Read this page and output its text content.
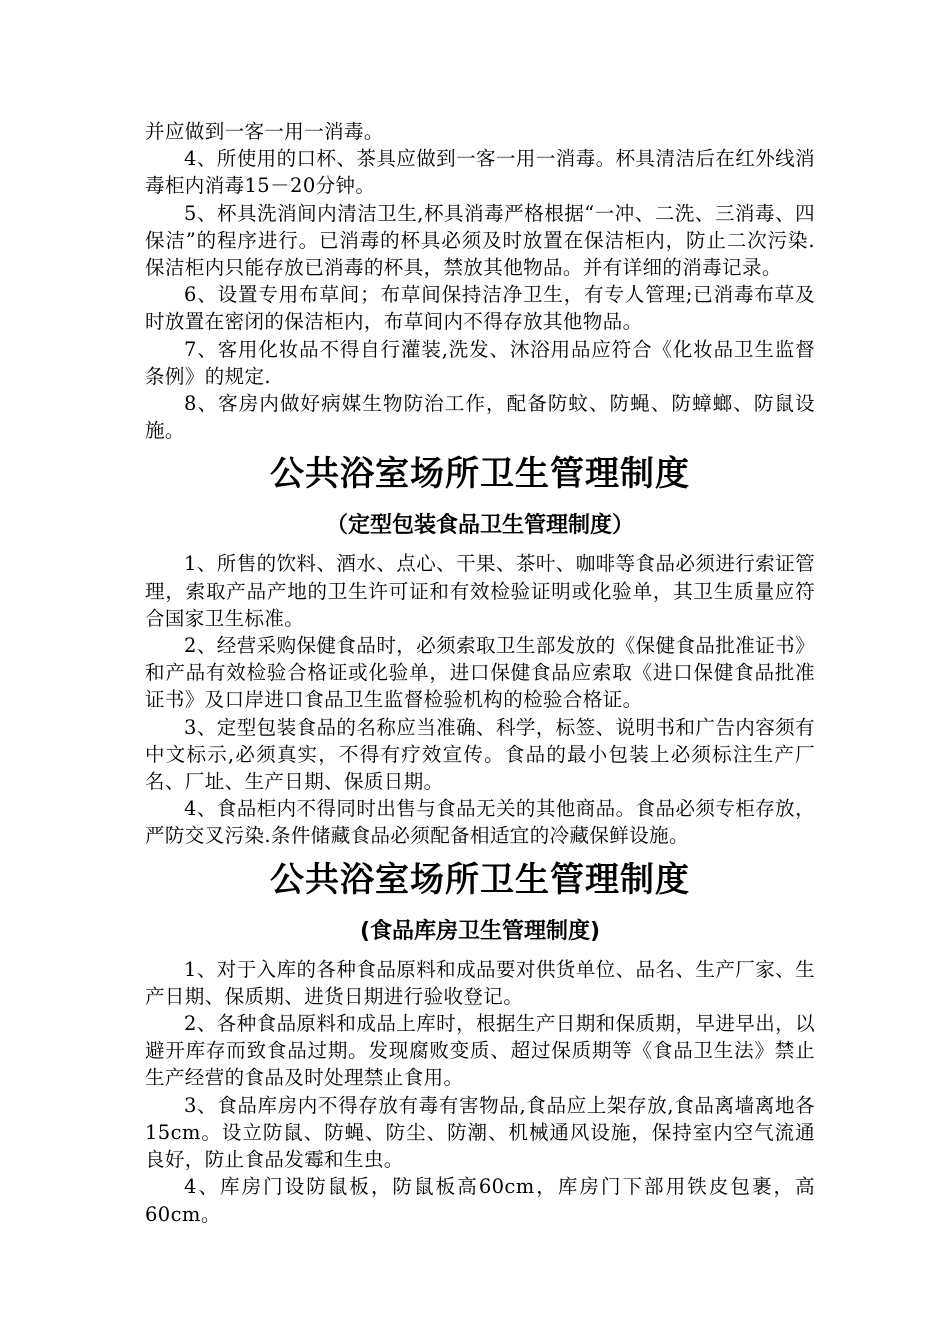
并应做到一客一用一消毒。

4、所使用的口杯、茶具应做到一客一用一消毒。杯具清洁后在红外线消毒柜内消毒15－20分钟。

5、杯具洗消间内清洁卫生,杯具消毒严格根据“一冲、二洗、三消毒、四保洁”的程序进行。已消毒的杯具必须及时放置在保洁柜内，防止二次污染.保洁柜内只能存放已消毒的杯具，禁放其他物品。并有详细的消毒记录。

6、设置专用布草间；布草间保持洁净卫生，有专人管理;已消毒布草及时放置在密闭的保洁柜内，布草间内不得存放其他物品。

7、客用化妆品不得自行灌装,洗发、沐浴用品应符合《化妆品卫生监督条例》的规定.

8、客房内做好病媒生物防治工作，配备防蚊、防蝇、防蟑螂、防鼠设施。

公共浴室场所卫生管理制度
（定型包装食品卫生管理制度）

1、所售的饮料、酒水、点心、干果、茶叶、咖啡等食品必须进行索证管理，索取产品产地的卫生许可证和有效检验证明或化验单，其卫生质量应符合国家卫生标准。

2、经营采购保健食品时，必须索取卫生部发放的《保健食品批准证书》和产品有效检验合格证或化验单，进口保健食品应索取《进口保健食品批准证书》及口岸进口食品卫生监督检验机构的检验合格证。

3、定型包装食品的名称应当准确、科学，标签、说明书和广告内容须有中文标示,必须真实，不得有疗效宣传。食品的最小包装上必须标注生产厂名、厂址、生产日期、保质日期。

4、食品柜内不得同时出售与食品无关的其他商品。食品必须专柜存放，严防交叉污染.条件储藏食品必须配备相适宜的冷藏保鲜设施。

公共浴室场所卫生管理制度
(食品库房卫生管理制度)

1、对于入库的各种食品原料和成品要对供货单位、品名、生产厂家、生产日期、保质期、进货日期进行验收登记。

2、各种食品原料和成品上库时，根据生产日期和保质期，早进早出，以避开库存而致食品过期。发现腐败变质、超过保质期等《食品卫生法》禁止生产经营的食品及时处理禁止食用。

3、食品库房内不得存放有毒有害物品,食品应上架存放,食品离墙离地各15cm。设立防鼠、防蝇、防尘、防潮、机械通风设施，保持室内空气流通良好，防止食品发霉和生虫。

4、库房门设防鼠板，防鼠板高60cm，库房门下部用铁皮包裹，高60cm。
